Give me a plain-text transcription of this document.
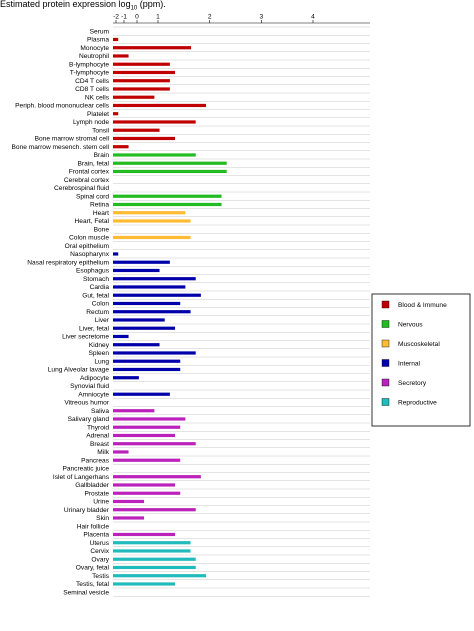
Estimated protein expression $\log_{10} (ppm)$.
-2 -1 0	1	2	3	4
Serum
Plasma
Monocyte
Neutrophil
B-lymphocyte
T-lymphocyte
CD4 T cells
CD8 T cells
NK cells
Periph. blood mononuclear cells
Platelet
Lymph node
Tonsil
Bone marrow stromal cell
Bone marrow mesench. stem cell
Brain
Brain, fetal
Frontal cortex
Cerebral cortex
Cerebrospinal fluid
Spinal cord
Retina
Heart
Heart, Fetal
Bone
Colon muscle
Oral epithelium
Nasopharynx
Nasal respiratory epithelium
Esophagus
Stomach
Cardia
Gut, fetal
Colon
Rectum
Liver
Liver, fetal
Liver secretome
Kidney
Spleen
Lung
Lung Alveolar lavage
Adipocyte
Synovial fluid
Amniocyte
Vitreous humor
Saliva
Salivary gland
Thyroid
Adrenal
Breast
Milk
Pancreas
Pancreatic juice
Islet of Langerhans
Gallbladder
Prostate
Urine
Urinary bladder
Skin
Hair follicle
Placenta
Uterus
Cervix
Ovary
Ovary, fetal
Testis
Testis, fetal
Seminal vesicle
Blood & Immune
Nervous
Muscoskeletal
Internal
Secretory
Reproductive
